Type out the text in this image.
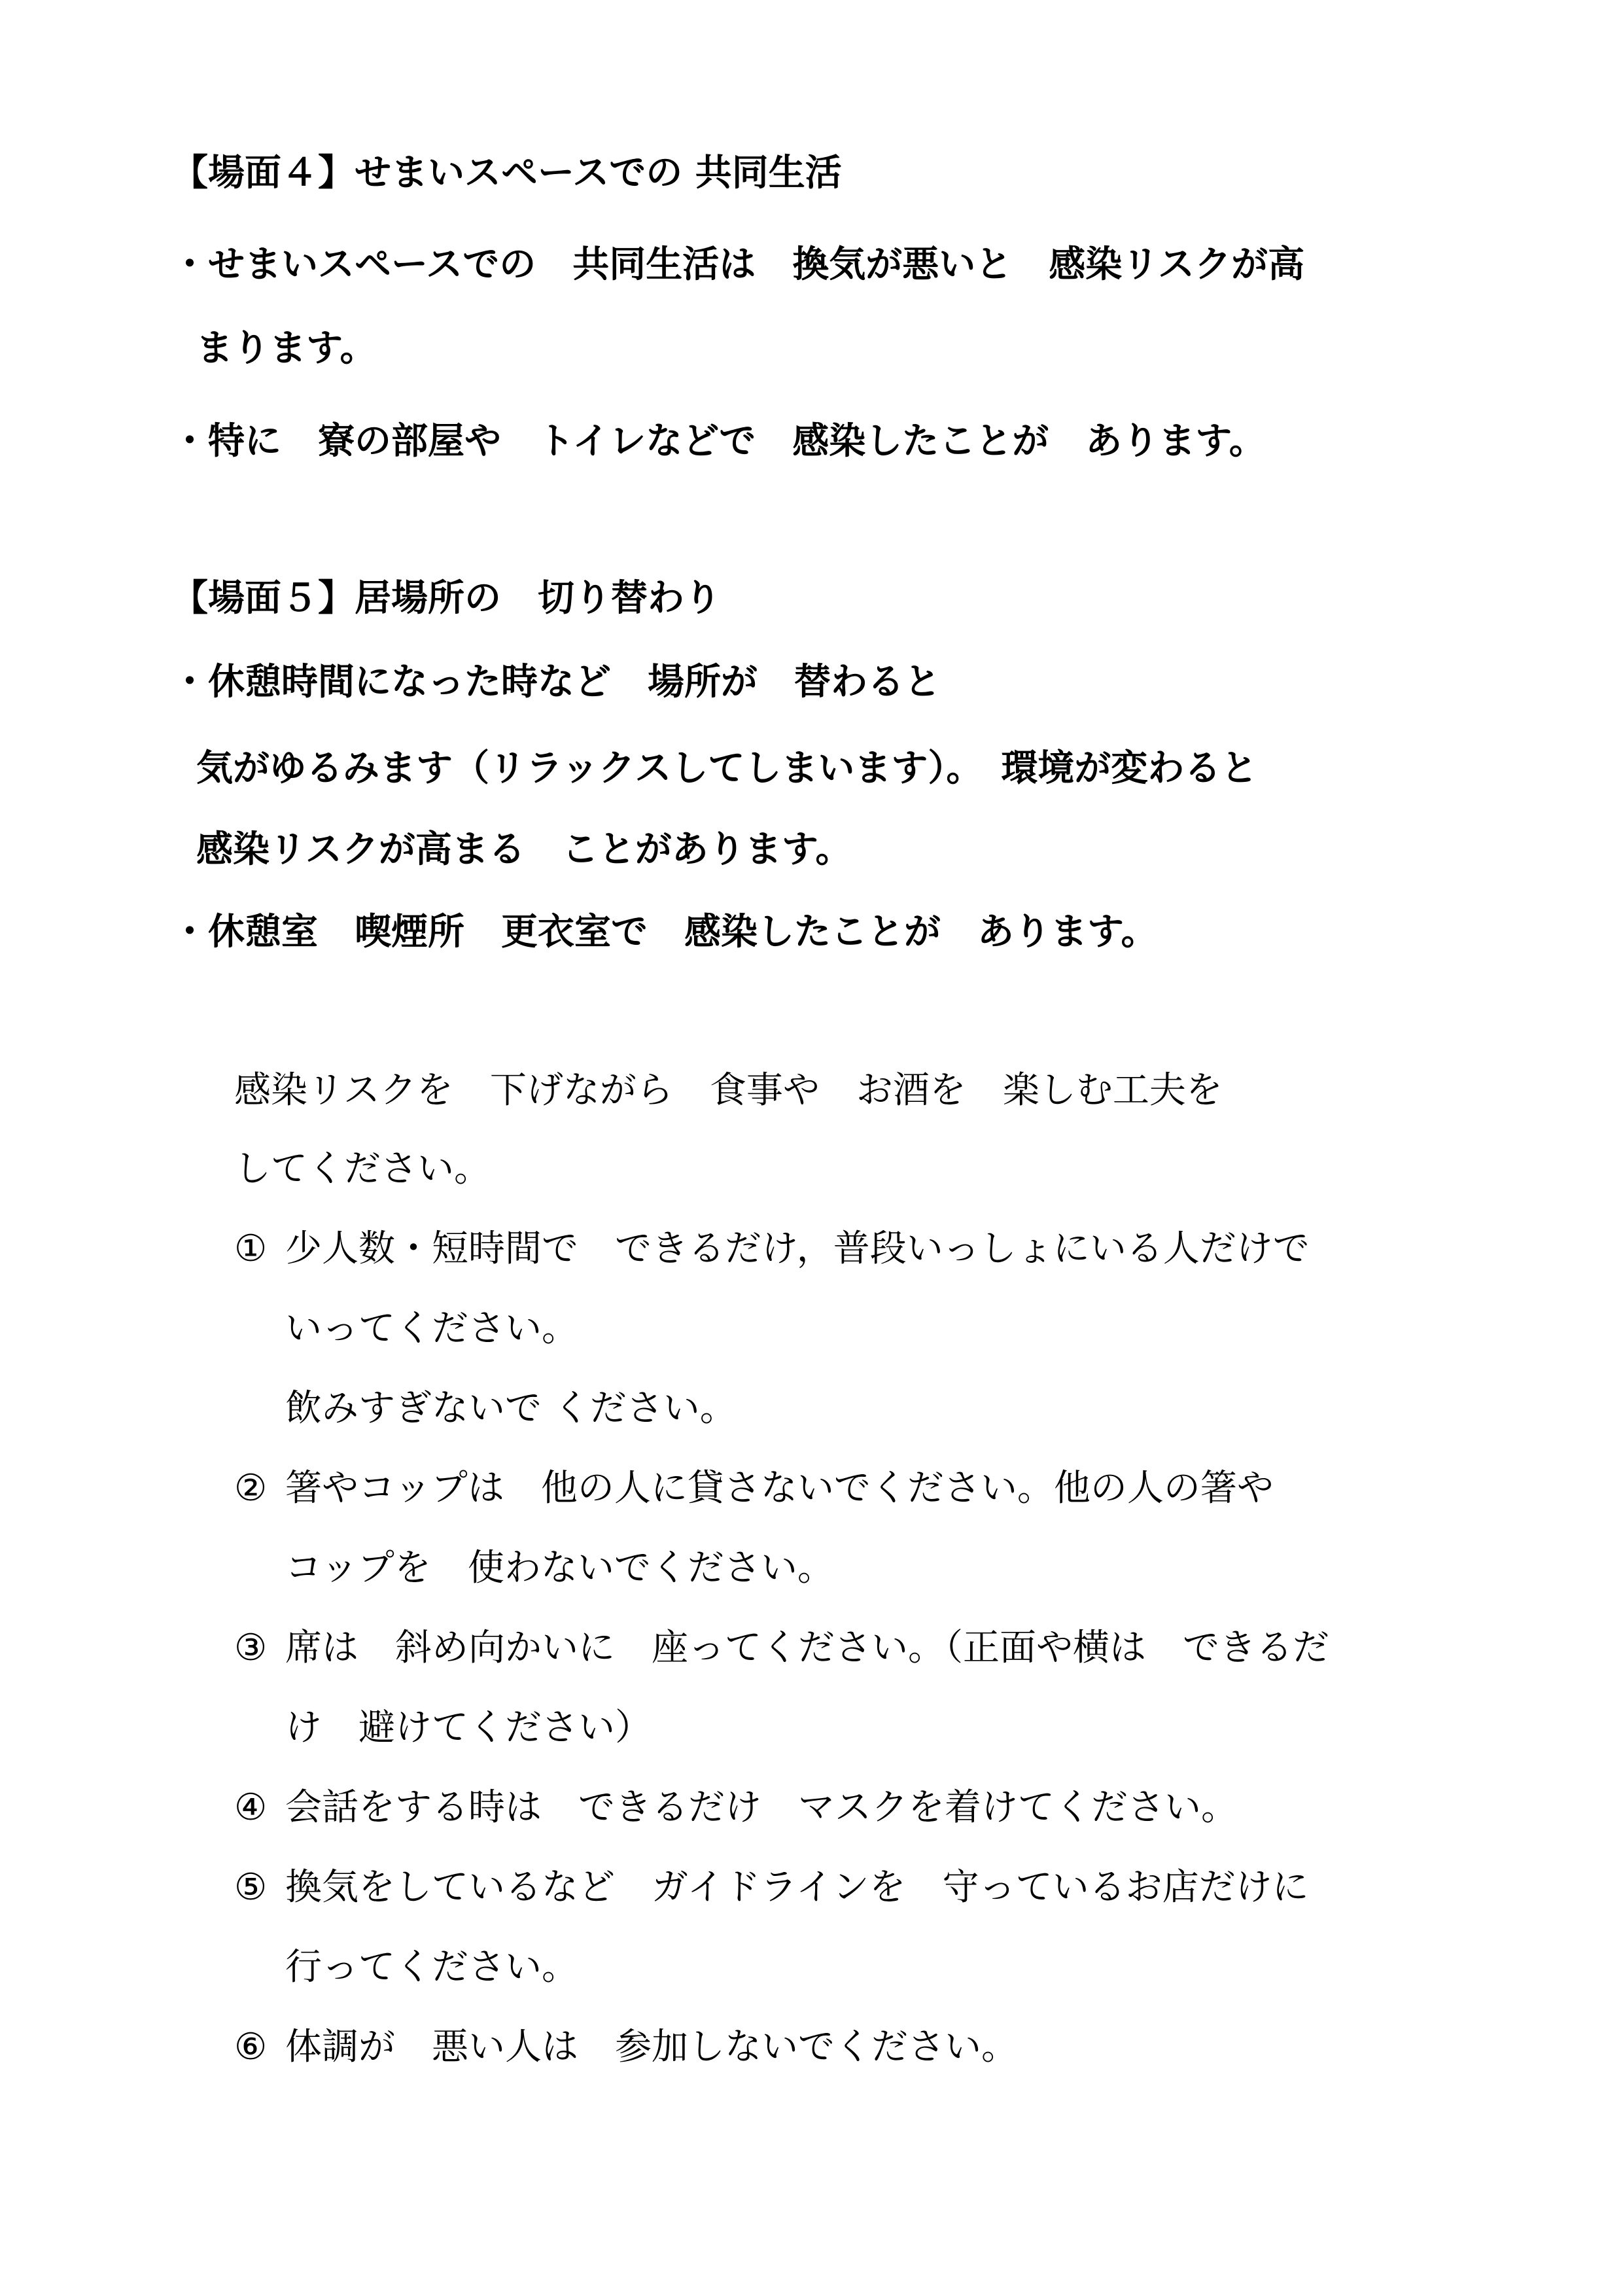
【場面４】せまいスペースでの 共同生活
・せまいスペースでの　共同生活は　換気が悪いと　感染リスクが高
まります。
・特に　寮の部屋や　トイレなどで　感染したことが　あります。
【場面５】居場所の　切り替わり
・休憩時間になった時など　場所が　替わると
気がゆるみます（リラックスしてしまいます）。　環境が変わると
感染リスクが高まる　ことがあります。
・休憩室　喫煙所　更衣室で　感染したことが　あります。
感染リスクを　下げながら　食事や　お酒を　楽しむ工夫を
してください。
① 少人数・短時間で　できるだけ，普段いっしょにいる人だけで
いってください。
飲みすぎないで ください。
② 箸やコップは　他の人に貸さないでください。他の人の箸や
コップを　使わないでください。
③ 席は　斜め向かいに　座ってください。（正面や横は　できるだ
け　避けてください）
④ 会話をする時は　できるだけ　マスクを着けてください。
⑤ 換気をしているなど　ガイドラインを　守っているお店だけに
行ってください。
⑥ 体調が　悪い人は　参加しないでください。
